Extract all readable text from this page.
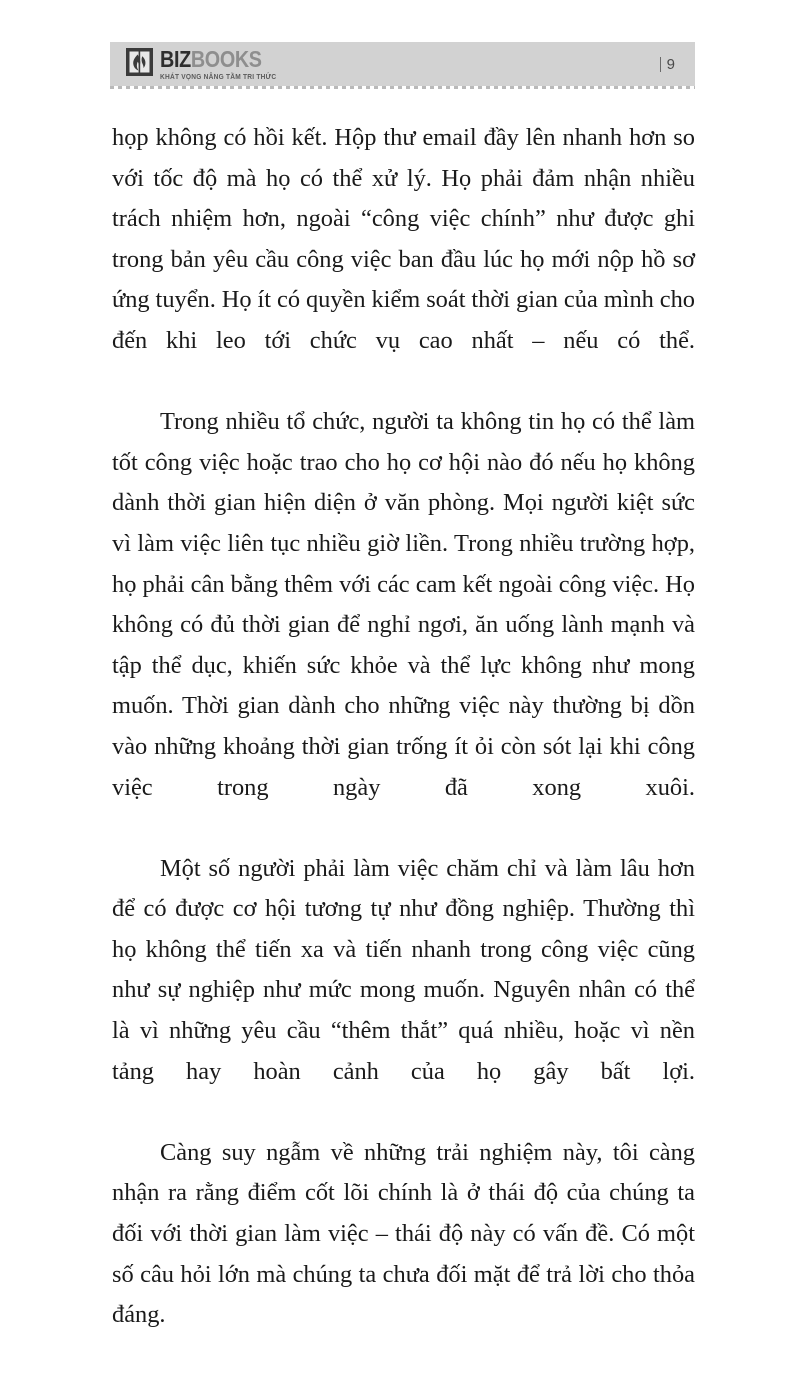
BIZBOOKS
KHÁT VỌNG NÂNG TẦM TRI THỨC
9

họp không có hồi kết. Hộp thư email đầy lên nhanh hơn so với tốc độ mà họ có thể xử lý. Họ phải đảm nhận nhiều trách nhiệm hơn, ngoài “công việc chính” như được ghi trong bản yêu cầu công việc ban đầu lúc họ mới nộp hồ sơ ứng tuyển. Họ ít có quyền kiểm soát thời gian của mình cho đến khi leo tới chức vụ cao nhất – nếu có thể.

Trong nhiều tổ chức, người ta không tin họ có thể làm tốt công việc hoặc trao cho họ cơ hội nào đó nếu họ không dành thời gian hiện diện ở văn phòng. Mọi người kiệt sức vì làm việc liên tục nhiều giờ liền. Trong nhiều trường hợp, họ phải cân bằng thêm với các cam kết ngoài công việc. Họ không có đủ thời gian để nghỉ ngơi, ăn uống lành mạnh và tập thể dục, khiến sức khỏe và thể lực không như mong muốn. Thời gian dành cho những việc này thường bị dồn vào những khoảng thời gian trống ít ỏi còn sót lại khi công việc trong ngày đã xong xuôi.

Một số người phải làm việc chăm chỉ và làm lâu hơn để có được cơ hội tương tự như đồng nghiệp. Thường thì họ không thể tiến xa và tiến nhanh trong công việc cũng như sự nghiệp như mức mong muốn. Nguyên nhân có thể là vì những yêu cầu “thêm thắt” quá nhiều, hoặc vì nền tảng hay hoàn cảnh của họ gây bất lợi.

Càng suy ngẫm về những trải nghiệm này, tôi càng nhận ra rằng điểm cốt lõi chính là ở thái độ của chúng ta đối với thời gian làm việc – thái độ này có vấn đề. Có một số câu hỏi lớn mà chúng ta chưa đối mặt để trả lời cho thỏa đáng.
